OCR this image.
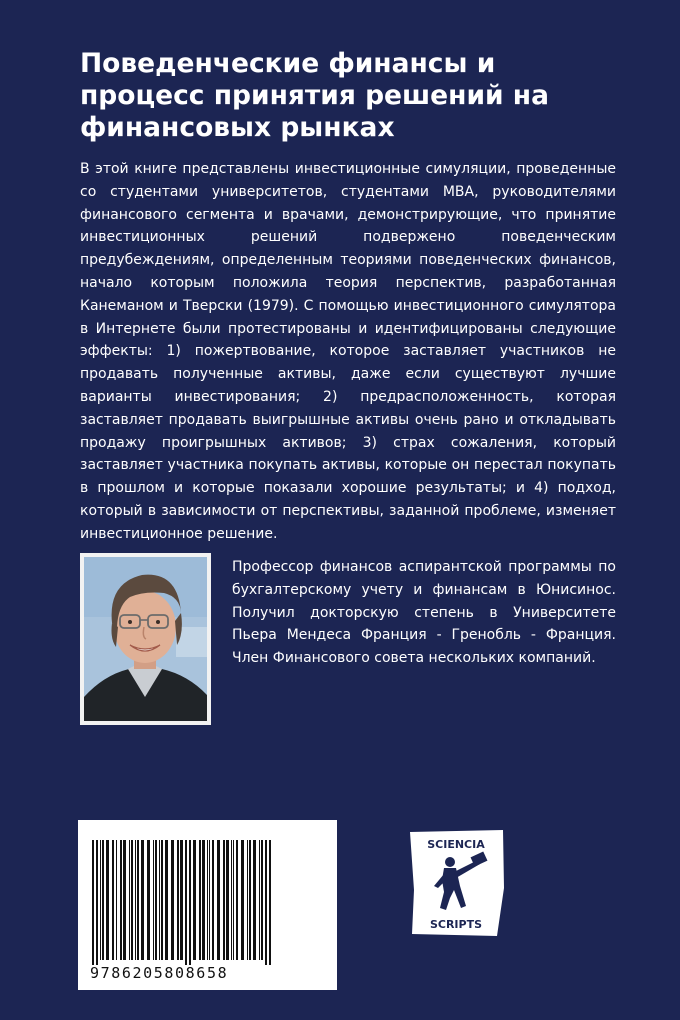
Поведенческие финансы и процесс принятия решений на финансовых рынках

В этой книге представлены инвестиционные симуляции, проведенные со студентами университетов, студентами MBA, руководителями финансового сегмента и врачами, демонстрирующие, что принятие инвестиционных решений подвержено поведенческим предубеждениям, определенным теориями поведенческих финансов, начало которым положила теория перспектив, разработанная Канеманом и Тверски (1979). С помощью инвестиционного симулятора в Интернете были протестированы и идентифицированы следующие эффекты: 1) пожертвование, которое заставляет участников не продавать полученные активы, даже если существуют лучшие варианты инвестирования; 2) предрасположенность, которая заставляет продавать выигрышные активы очень рано и откладывать продажу проигрышных активов; 3) страх сожаления, который заставляет участника покупать активы, которые он перестал покупать в прошлом и которые показали хорошие результаты; и 4) подход, который в зависимости от перспективы, заданной проблеме, изменяет инвестиционное решение.

Профессор финансов аспирантской программы по бухгалтерскому учету и финансам в Юнисинос. Получил докторскую степень в Университете Пьера Мендеса Франция - Гренобль - Франция. Член Финансового совета нескольких компаний.

9786205808658
SCIENCIA
SCRIPTS
